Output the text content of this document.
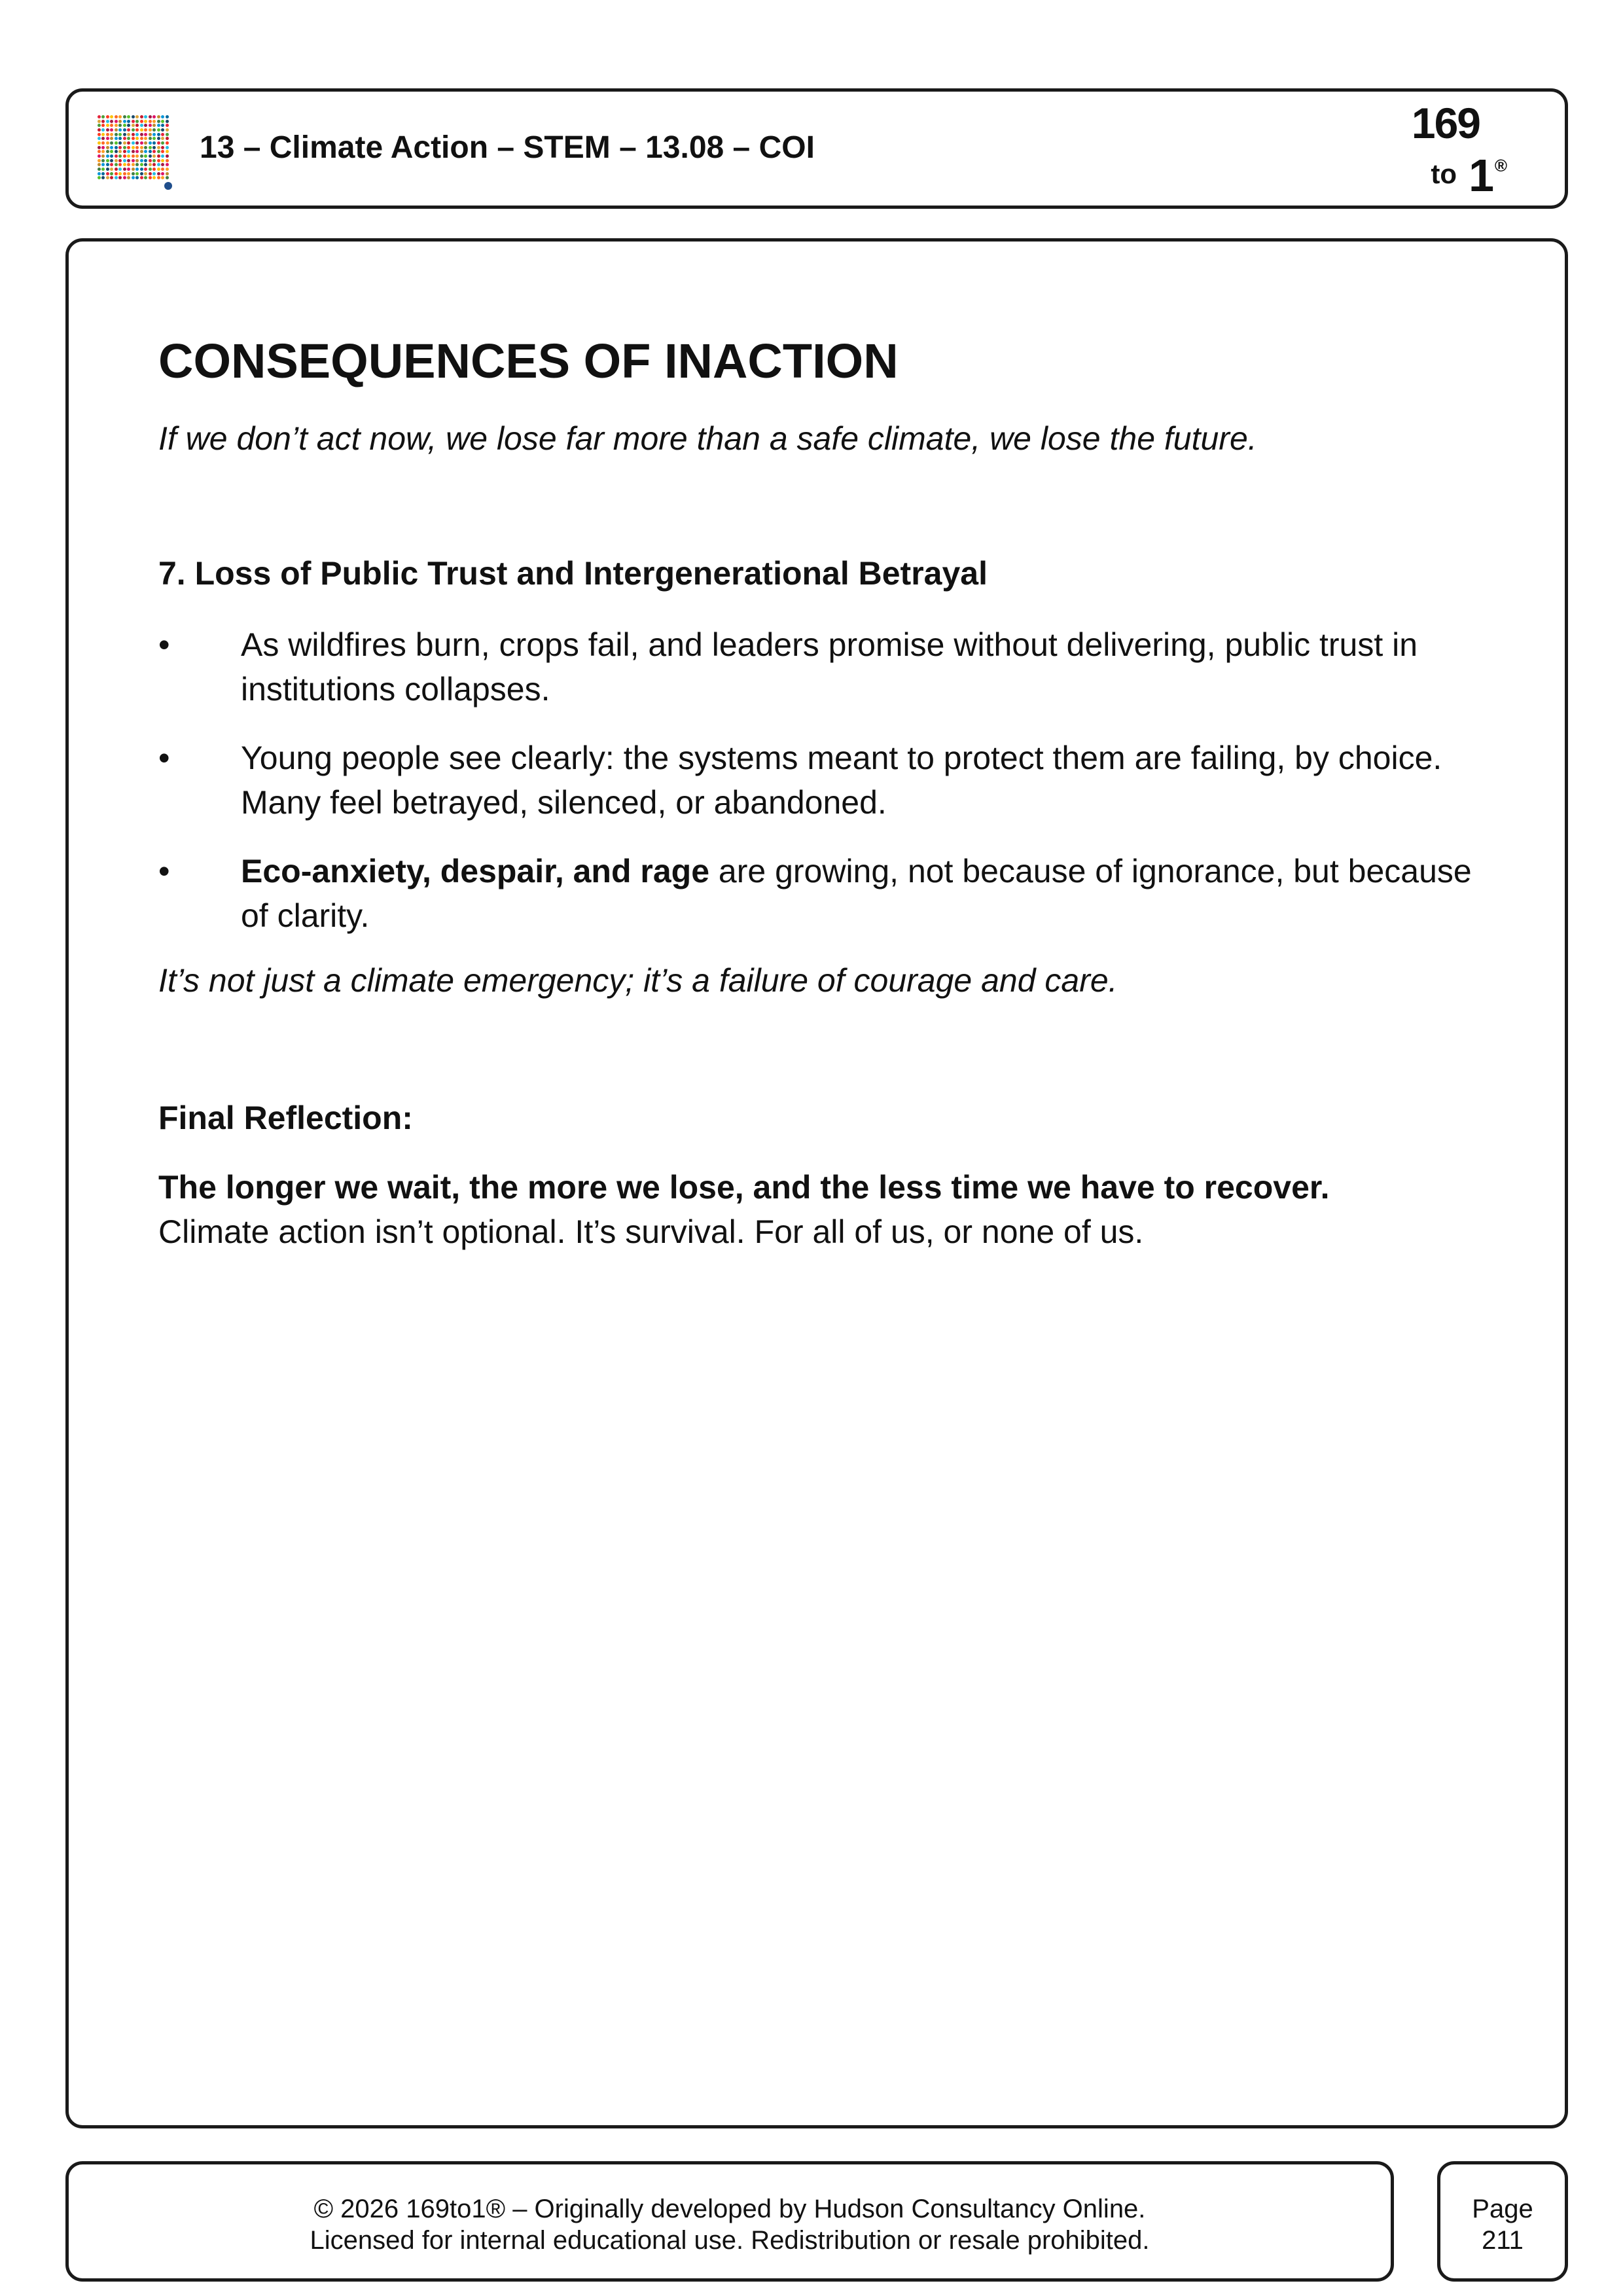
13 – Climate Action – STEM – 13.08 – COI
169
to 1 ®
CONSEQUENCES OF INACTION
If we don’t act now, we lose far more than a safe climate, we lose the future.
7. Loss of Public Trust and Intergenerational Betrayal
•	As wildfires burn, crops fail, and leaders promise without delivering, public trust in institutions collapses.
•	Young people see clearly: the systems meant to protect them are failing, by choice. Many feel betrayed, silenced, or abandoned.
•	Eco-anxiety, despair, and rage are growing, not because of ignorance, but because of clarity.
It’s not just a climate emergency; it’s a failure of courage and care.
Final Reflection:
The longer we wait, the more we lose, and the less time we have to recover.
Climate action isn’t optional. It’s survival. For all of us, or none of us.
© 2026 169to1® – Originally developed by Hudson Consultancy Online.
Licensed for internal educational use. Redistribution or resale prohibited.
Page
211
